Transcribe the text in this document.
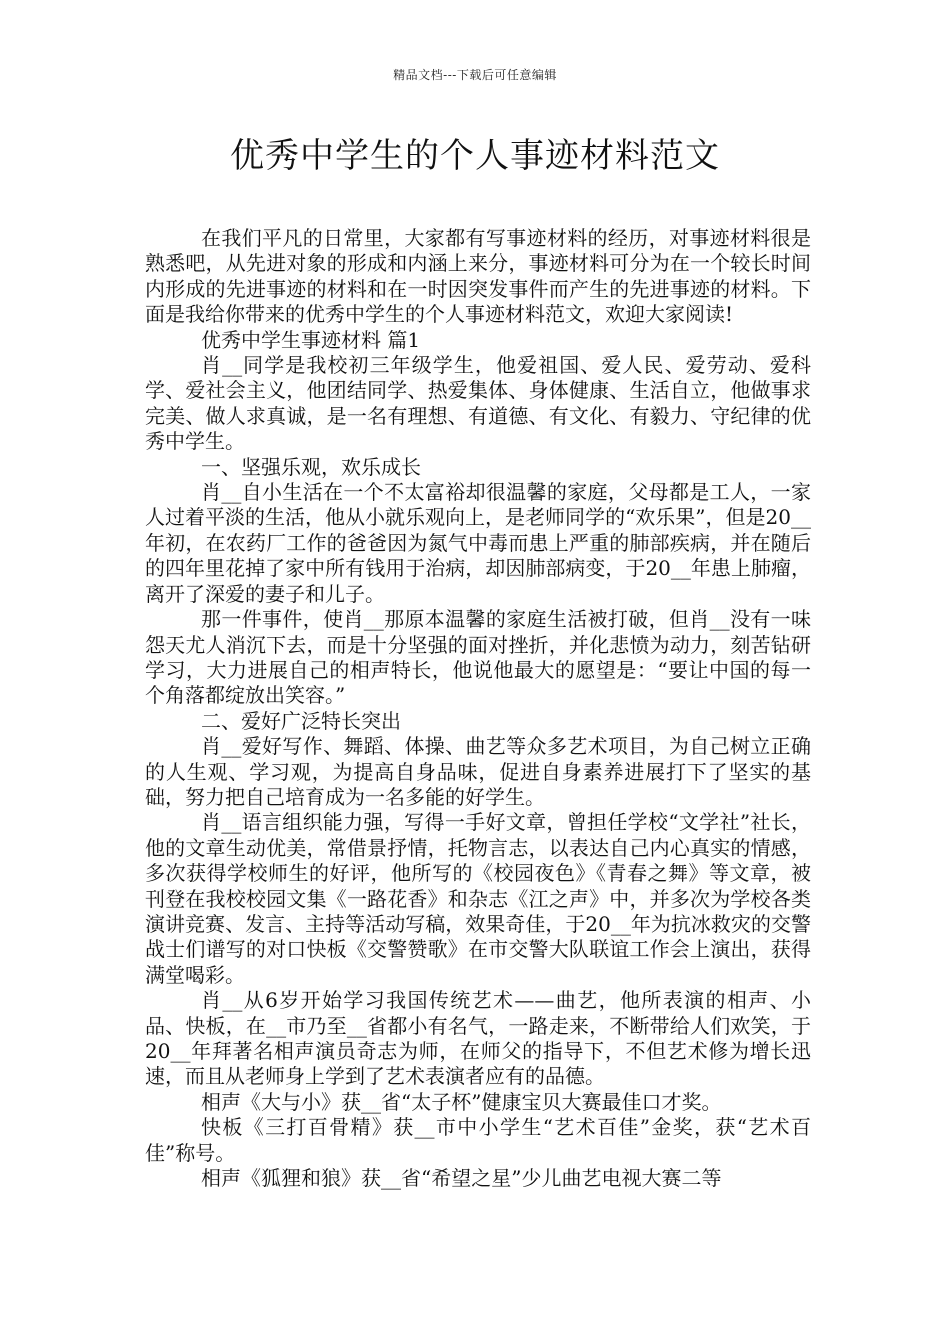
精品文档---下载后可任意编辑
优秀中学生的个人事迹材料范文

在我们平凡的日常里，大家都有写事迹材料的经历，对事迹材料很是熟悉吧，从先进对象的形成和内涵上来分，事迹材料可分为在一个较长时间内形成的先进事迹的材料和在一时因突发事件而产生的先进事迹的材料。下面是我给你带来的优秀中学生的个人事迹材料范文，欢迎大家阅读!

优秀中学生事迹材料 篇1

肖__同学是我校初三年级学生，他爱祖国、爱人民、爱劳动、爱科学、爱社会主义，他团结同学、热爱集体、身体健康、生活自立，他做事求完美、做人求真诚，是一名有理想、有道德、有文化、有毅力、守纪律的优秀中学生。

一、坚强乐观，欢乐成长

肖__自小生活在一个不太富裕却很温馨的家庭，父母都是工人，一家人过着平淡的生活，他从小就乐观向上，是老师同学的“欢乐果”，但是20__年初，在农药厂工作的爸爸因为氮气中毒而患上严重的肺部疾病，并在随后的四年里花掉了家中所有钱用于治病，却因肺部病变，于20__年患上肺瘤，离开了深爱的妻子和儿子。

那一件事件，使肖__那原本温馨的家庭生活被打破，但肖__没有一味怨天尤人消沉下去，而是十分坚强的面对挫折，并化悲愤为动力，刻苦钻研学习，大力进展自己的相声特长，他说他最大的愿望是：“要让中国的每一个角落都绽放出笑容。”

二、爱好广泛特长突出

肖__爱好写作、舞蹈、体操、曲艺等众多艺术项目，为自己树立正确的人生观、学习观，为提高自身品味，促进自身素养进展打下了坚实的基础，努力把自己培育成为一名多能的好学生。

肖__语言组织能力强，写得一手好文章，曾担任学校“文学社”社长，他的文章生动优美，常借景抒情，托物言志，以表达自己内心真实的情感，多次获得学校师生的好评，他所写的《校园夜色》《青春之舞》等文章，被刊登在我校校园文集《一路花香》和杂志《江之声》中，并多次为学校各类演讲竞赛、发言、主持等活动写稿，效果奇佳，于20__年为抗冰救灾的交警战士们谱写的对口快板《交警赞歌》在市交警大队联谊工作会上演出，获得满堂喝彩。

肖__从6岁开始学习我国传统艺术——曲艺，他所表演的相声、小品、快板，在__市乃至__省都小有名气，一路走来，不断带给人们欢笑，于20__年拜著名相声演员奇志为师，在师父的指导下，不但艺术修为增长迅速，而且从老师身上学到了艺术表演者应有的品德。

相声《大与小》获__省“太子杯”健康宝贝大赛最佳口才奖。

快板《三打百骨精》获__市中小学生“艺术百佳”金奖，获“艺术百佳”称号。

相声《狐狸和狼》获__省“希望之星”少儿曲艺电视大赛二等
